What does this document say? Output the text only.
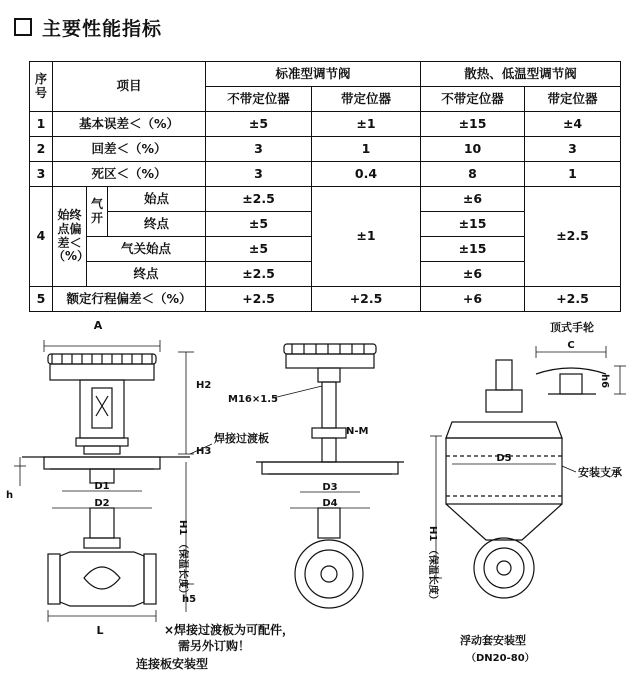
主要性能指标
序号	项目			标准型调节阀		散热、低温型调节阀	
				不带定位器	带定位器	不带定位器	带定位器
1	基本误差＜（%）			±5	±1	±15	±4
2	回差＜（%）			3	1	10	3
3	死区＜（%）			3	0.4	8	1
4	始终点偏差＜（%）	气开	始点	±2.5	±1	±6	±2.5
			终点	±5		±15	
		气关始点		±5		±15	
		终点		±2.5		±6	
5	额定行程偏差＜（%）			+2.5	+2.5	+6	+2.5
A
H2
H3
焊接过渡板
h
D1
D2
H1 （保温长度）
h5
L	×焊接过渡板为可配件，
需另外订购！
连接板安装型
M16×1.5
N-M
D3
D4
顶式手轮
C
h6
D5
安装支承
H1 （保温长度）
浮动套安装型
（DN20-80）
